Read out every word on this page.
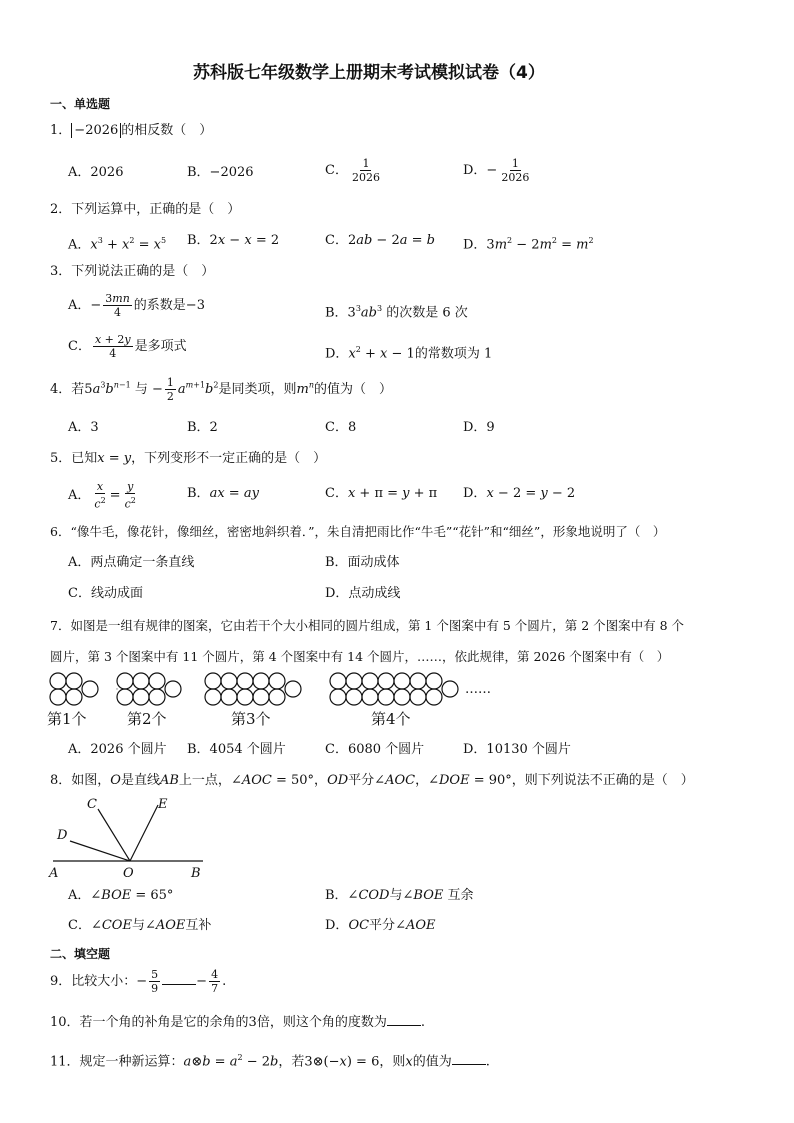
苏科版七年级数学上册期末考试模拟试卷（4）
一、单选题
1． −2026 的相反数（　）
A．2026	B．−2026	C． $\frac{1}{2026}$	D．− $\frac{1}{2026}$
2．下列运算中，正确的是（　）
A．$x^3 + x^2 = x^5$ B．2x − x = 2	C．2ab − 2a = b D．$3m^2 - 2m^2 = m^2$
3．下列说法正确的是（　）
A．− $\frac{3mn}{4}$ 的系数是−3	B．$3^3ab^3$ 的次数是 6 次
C． $\frac{x + 2y}{4}$ 是多项式	D．$x^2 + x - 1$的常数项为 1
4．若$5a^3b^{n-1}$ 与 − $\frac{1}{2} a^{m+1}b^2$是同类项，则$m^n$的值为（　）
A．3	B．2	C．8	D．9
5．已知x = y，下列变形不一定正确的是（　）
A． $\frac{x}{c^2} = \frac{y}{c^2}$	B．ax = ay	C．x + π = y + π D．x − 2 = y − 2
6．“像牛毛，像花针，像细丝，密密地斜织着．”，朱自清把雨比作“牛毛”“花针”和“细丝”，形象地说明了（　）
A．两点确定一条直线	B．面动成体
C．线动成面	D．点动成线
7．如图是一组有规律的图案，它由若干个大小相同的圆片组成，第 1 个图案中有 5 个圆片，第 2 个图案中有 8 个
圆片，第 3 个图案中有 11 个圆片，第 4 个图案中有 14 个圆片，……，依此规律，第 2026 个图案中有（　）
……
第1个	第2个	第3个	第4个
A．2026 个圆片 B．4054 个圆片	C．6080 个圆片	D．10130 个圆片
8．如图，O是直线AB上一点，∠AOC = 50°，OD平分∠AOC，∠DOE = 90°，则下列说法不正确的是（　）
C	E
D
A	O	B
A．∠BOE = 65°	B．∠COD与∠BOE 互余
C．∠COE与∠AOE互补	D．OC平分∠AOE
二、填空题
9．比较大小：− $\frac{5}{9}$	− $\frac{4}{7}$ .
10．若一个角的补角是它的余角的3倍，则这个角的度数为	.
11．规定一种新运算：a⊗b = $a^2 - 2b$，若3⊗(−x) = 6，则x的值为	.
